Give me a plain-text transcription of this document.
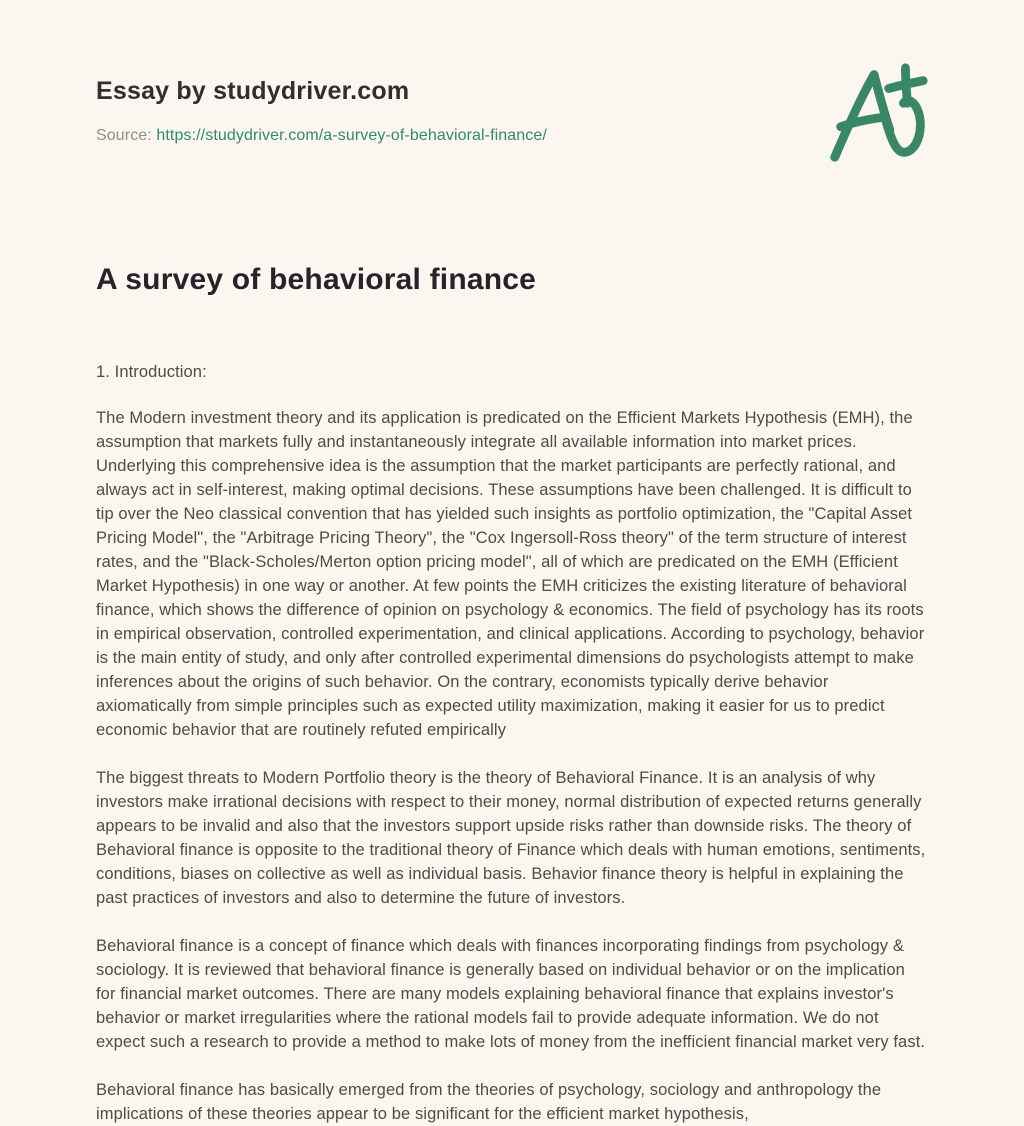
Essay by studydriver.com

Source: https://studydriver.com/a-survey-of-behavioral-finance/

A survey of behavioral finance

1. Introduction:

The Modern investment theory and its application is predicated on the Efficient Markets Hypothesis (EMH), the assumption that markets fully and instantaneously integrate all available information into market prices. Underlying this comprehensive idea is the assumption that the market participants are perfectly rational, and always act in self-interest, making optimal decisions. These assumptions have been challenged. It is difficult to tip over the Neo classical convention that has yielded such insights as portfolio optimization, the "Capital Asset Pricing Model", the "Arbitrage Pricing Theory", the "Cox Ingersoll-Ross theory" of the term structure of interest rates, and the "Black-Scholes/Merton option pricing model", all of which are predicated on the EMH (Efficient Market Hypothesis) in one way or another. At few points the EMH criticizes the existing literature of behavioral finance, which shows the difference of opinion on psychology & economics. The field of psychology has its roots in empirical observation, controlled experimentation, and clinical applications. According to psychology, behavior is the main entity of study, and only after controlled experimental dimensions do psychologists attempt to make inferences about the origins of such behavior. On the contrary, economists typically derive behavior axiomatically from simple principles such as expected utility maximization, making it easier for us to predict economic behavior that are routinely refuted empirically

The biggest threats to Modern Portfolio theory is the theory of Behavioral Finance. It is an analysis of why investors make irrational decisions with respect to their money, normal distribution of expected returns generally appears to be invalid and also that the investors support upside risks rather than downside risks. The theory of Behavioral finance is opposite to the traditional theory of Finance which deals with human emotions, sentiments, conditions, biases on collective as well as individual basis. Behavior finance theory is helpful in explaining the past practices of investors and also to determine the future of investors.

Behavioral finance is a concept of finance which deals with finances incorporating findings from psychology & sociology. It is reviewed that behavioral finance is generally based on individual behavior or on the implication for financial market outcomes. There are many models explaining behavioral finance that explains investor's behavior or market irregularities where the rational models fail to provide adequate information. We do not expect such a research to provide a method to make lots of money from the inefficient financial market very fast.

Behavioral finance has basically emerged from the theories of psychology, sociology and anthropology the implications of these theories appear to be significant for the efficient market hypothesis,
